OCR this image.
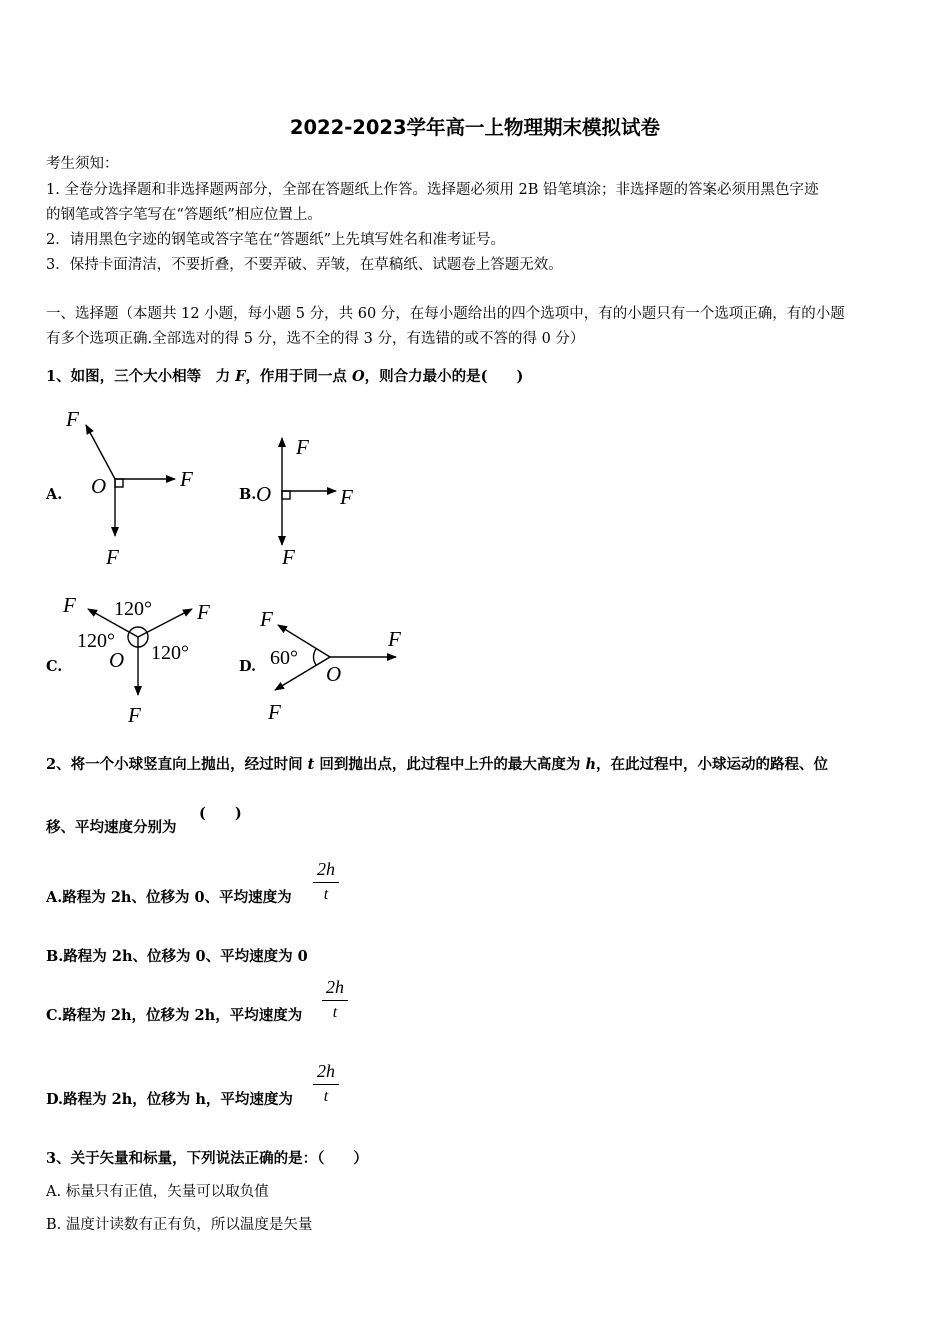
2022-2023学年高一上物理期末模拟试卷
考生须知：
1. 全卷分选择题和非选择题两部分，全部在答题纸上作答。选择题必须用 2B 铅笔填涂；非选择题的答案必须用黑色字迹
的钢笔或答字笔写在“答题纸”相应位置上。
2．请用黑色字迹的钢笔或答字笔在“答题纸”上先填写姓名和准考证号。
3．保持卡面清洁，不要折叠，不要弄破、弄皱，在草稿纸、试题卷上答题无效。
一、选择题（本题共 12 小题，每小题 5 分，共 60 分，在每小题给出的四个选项中，有的小题只有一个选项正确，有的小题
有多个选项正确.全部选对的得 5 分，选不全的得 3 分，有选错的或不答的得 0 分）
1、如图，三个大小相等　力 F，作用于同一点 O，则合力最小的是(　　)
A.
F
F
F
O	B.
F
F
F
O
C.
F	F
F
O
120°
120°
120°
D.
F
F
F
O
60°
2、将一个小球竖直向上抛出，经过时间 t 回到抛出点，此过程中上升的最大高度为 h，在此过程中，小球运动的路程、位
移、平均速度分别为
(　　)
A.路程为 2h、位移为 0、平均速度为 $\frac{2h}{t}$
B.路程为 2h、位移为 0、平均速度为 0
C.路程为 2h，位移为 2h，平均速度为 $\frac{2h}{t}$
D.路程为 2h，位移为 h，平均速度为 $\frac{2h}{t}$
3、关于矢量和标量，下列说法正确的是：（　　）
A. 标量只有正值，矢量可以取负值
B. 温度计读数有正有负，所以温度是矢量
